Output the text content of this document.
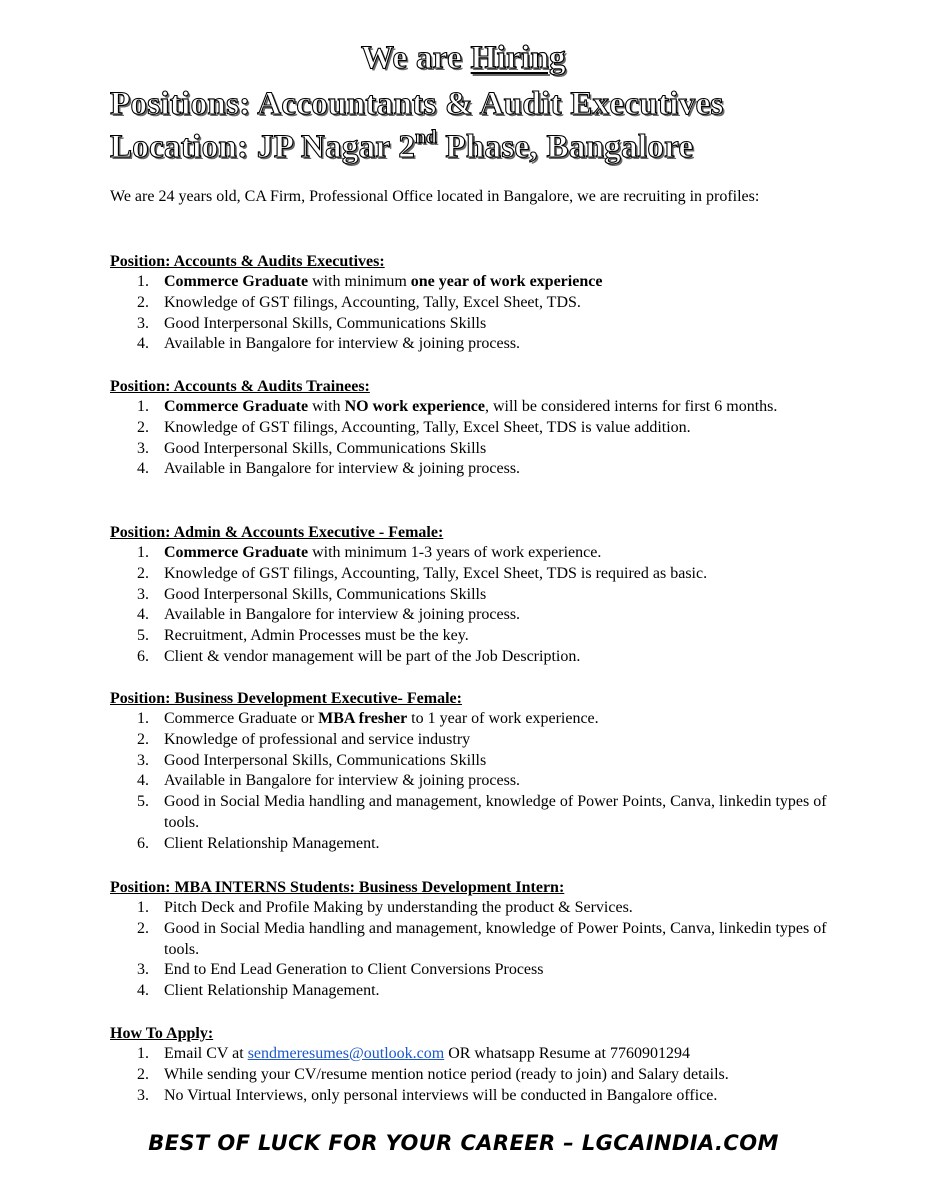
We are Hiring
Positions: Accountants & Audit Executives
Location: JP Nagar 2nd Phase, Bangalore
We are 24 years old, CA Firm, Professional Office located in Bangalore, we are recruiting in profiles:
Position: Accounts & Audits Executives:
1. Commerce Graduate with minimum one year of work experience
2. Knowledge of GST filings, Accounting, Tally, Excel Sheet, TDS.
3. Good Interpersonal Skills, Communications Skills
4. Available in Bangalore for interview & joining process.
Position: Accounts & Audits Trainees:
1. Commerce Graduate with NO work experience, will be considered interns for first 6 months.
2. Knowledge of GST filings, Accounting, Tally, Excel Sheet, TDS is value addition.
3. Good Interpersonal Skills, Communications Skills
4. Available in Bangalore for interview & joining process.
Position: Admin & Accounts Executive - Female:
1. Commerce Graduate with minimum 1-3 years of work experience.
2. Knowledge of GST filings, Accounting, Tally, Excel Sheet, TDS is required as basic.
3. Good Interpersonal Skills, Communications Skills
4. Available in Bangalore for interview & joining process.
5. Recruitment, Admin Processes must be the key.
6. Client & vendor management will be part of the Job Description.
Position: Business Development Executive- Female:
1. Commerce Graduate or MBA fresher to 1 year of work experience.
2. Knowledge of professional and service industry
3. Good Interpersonal Skills, Communications Skills
4. Available in Bangalore for interview & joining process.
5. Good in Social Media handling and management, knowledge of Power Points, Canva, linkedin types of tools.
6. Client Relationship Management.
Position: MBA INTERNS Students: Business Development Intern:
1. Pitch Deck and Profile Making by understanding the product & Services.
2. Good in Social Media handling and management, knowledge of Power Points, Canva, linkedin types of tools.
3. End to End Lead Generation to Client Conversions Process
4. Client Relationship Management.
How To Apply:
1. Email CV at sendmeresumes@outlook.com OR whatsapp Resume at 7760901294
2. While sending your CV/resume mention notice period (ready to join) and Salary details.
3. No Virtual Interviews, only personal interviews will be conducted in Bangalore office.
BEST OF LUCK FOR YOUR CAREER – LGCAINDIA.COM
